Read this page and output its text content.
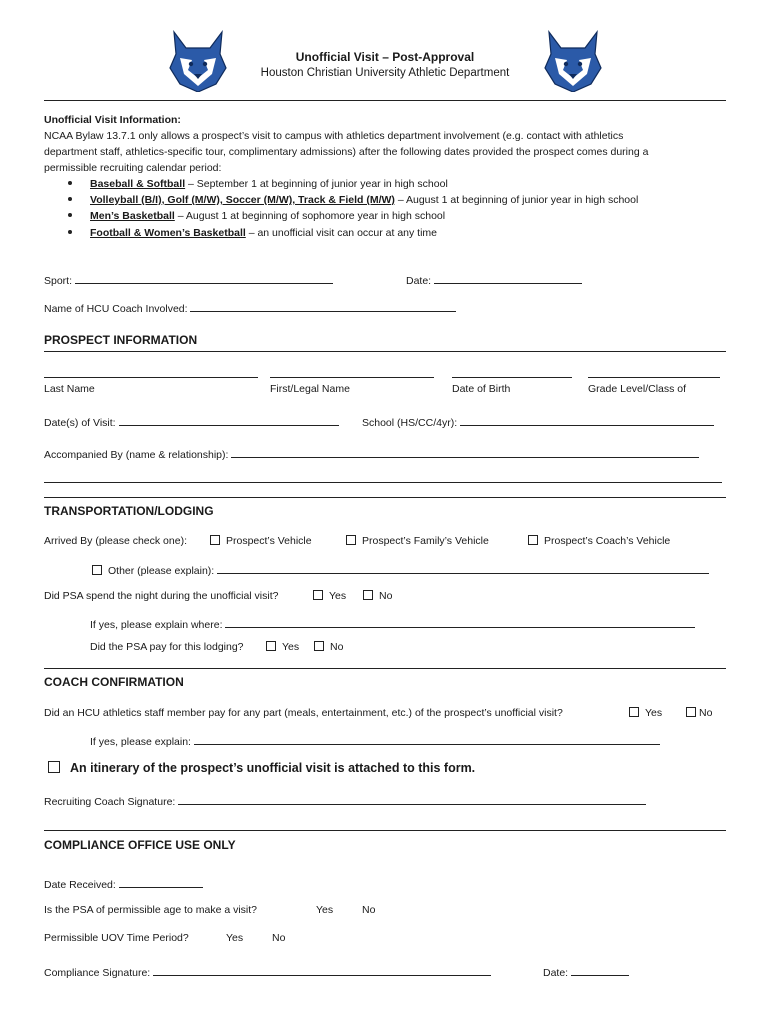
Unofficial Visit – Post-Approval
Houston Christian University Athletic Department
Unofficial Visit Information:
NCAA Bylaw 13.7.1 only allows a prospect’s visit to campus with athletics department involvement (e.g. contact with athletics
department staff, athletics-specific tour, complimentary admissions) after the following dates provided the prospect comes during a
permissible recruiting calendar period:
Baseball & Softball – September 1 at beginning of junior year in high school
Volleyball (B/I), Golf (M/W), Soccer (M/W), Track & Field (M/W) – August 1 at beginning of junior year in high school
Men’s Basketball – August 1 at beginning of sophomore year in high school
Football & Women’s Basketball – an unofficial visit can occur at any time
Sport:	Date:
Name of HCU Coach Involved:
PROSPECT INFORMATION
Last Name	First/Legal Name	Date of Birth	Grade Level/Class of
Date(s) of Visit:	School (HS/CC/4yr):
Accompanied By (name & relationship):
TRANSPORTATION/LODGING
Arrived By (please check one):	Prospect’s Vehicle	Prospect’s Family’s Vehicle	Prospect’s Coach’s Vehicle
Other (please explain):
Did PSA spend the night during the unofficial visit?	Yes	No
If yes, please explain where:
Did the PSA pay for this lodging?	Yes	No
COACH CONFIRMATION
Did an HCU athletics staff member pay for any part (meals, entertainment, etc.) of the prospect’s unofficial visit?	Yes	No
If yes, please explain:
An itinerary of the prospect’s unofficial visit is attached to this form.
Recruiting Coach Signature:
COMPLIANCE OFFICE USE ONLY
Date Received:
Is the PSA of permissible age to make a visit?	Yes	No
Permissible UOV Time Period?	Yes	No
Compliance Signature:	Date:
